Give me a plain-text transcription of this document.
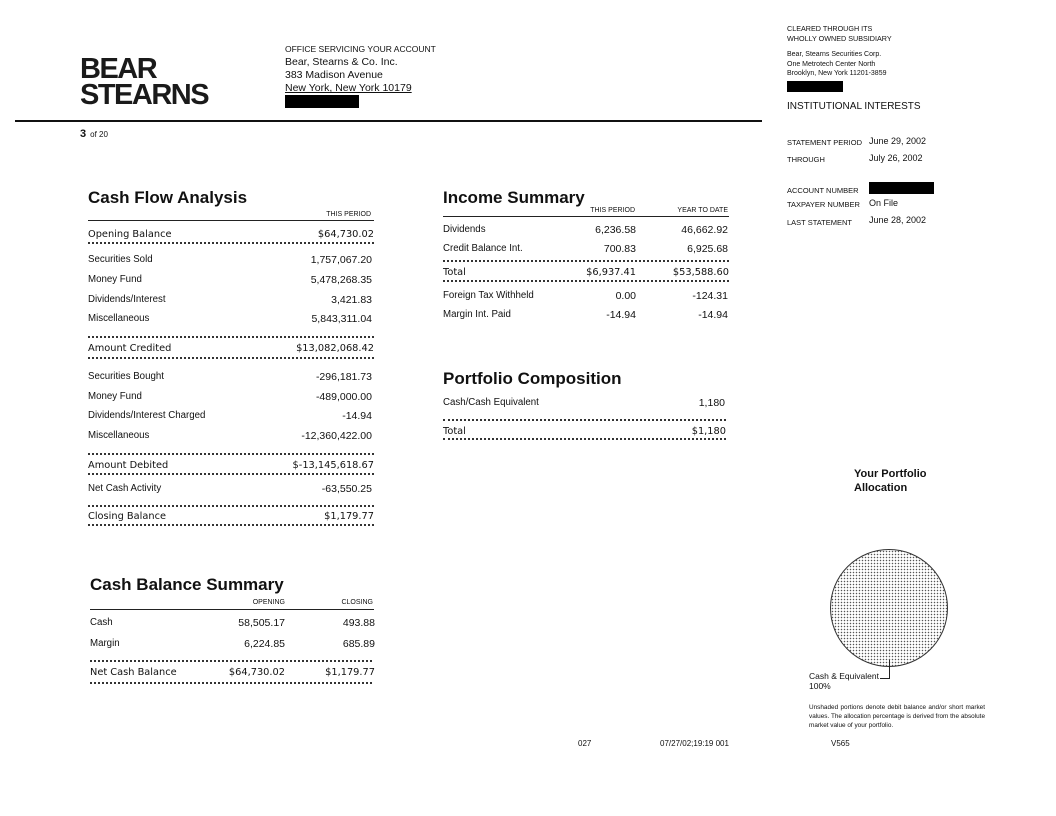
BEAR
STEARNS
OFFICE SERVICING YOUR ACCOUNT
Bear, Stearns & Co. Inc.
383 Madison Avenue
New York, New York 10179
3 of 20
CLEARED THROUGH ITS
WHOLLY OWNED SUBSIDIARY
Bear, Stearns Securities Corp.
One Metrotech Center North
Brooklyn, New York 11201-3859
INSTITUTIONAL INTERESTS
STATEMENT PERIOD June 29, 2002
THROUGH	July 26, 2002
ACCOUNT NUMBER
TAXPAYER NUMBER On File
LAST STATEMENT June 28, 2002
Cash Flow Analysis
THIS PERIOD
Opening Balance	$64,730.02
Securities Sold	1,757,067.20
Money Fund	5,478,268.35
Dividends/Interest	3,421.83
Miscellaneous	5,843,311.04
Amount Credited	$13,082,068.42
Securities Bought	-296,181.73
Money Fund	-489,000.00
Dividends/Interest Charged	-14.94
Miscellaneous	-12,360,422.00
Amount Debited	$-13,145,618.67
Net Cash Activity	-63,550.25
Closing Balance	$1,179.77
Income Summary
THIS PERIOD	YEAR TO DATE
Dividends	6,236.58	46,662.92
Credit Balance Int.	700.83	6,925.68
Total	$6,937.41	$53,588.60
Foreign Tax Withheld	0.00	-124.31
Margin Int. Paid	-14.94	-14.94
Portfolio Composition
Cash/Cash Equivalent	1,180
Total	$1,180
Your Portfolio
Allocation
Cash & Equivalent
100%
Unshaded portions denote debit balance and/or short market values. The allocation percentage is derived from the absolute market value of your portfolio.
Cash Balance Summary
OPENING	CLOSING
Cash	58,505.17	493.88
Margin	6,224.85	685.89
Net Cash Balance	$64,730.02	$1,179.77
027	07/27/02;19:19 001	V565
